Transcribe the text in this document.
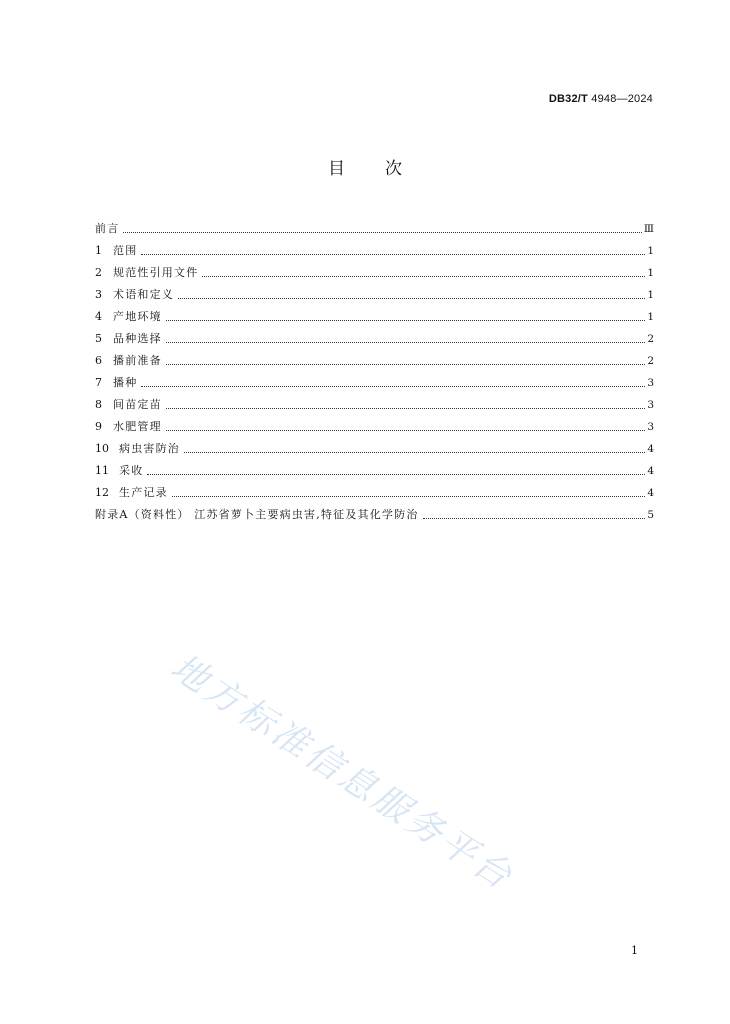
DB32/T 4948—2024
目 次
前言	Ⅲ
1 范围	1
2 规范性引用文件	1
3 术语和定义	1
4 产地环境	1
5 品种选择	2
6 播前准备	2
7 播种	3
8 间苗定苗	3
9 水肥管理	3
10 病虫害防治	4
11 采收	4
12 生产记录	4
附录A（资料性） 江苏省萝卜主要病虫害,特征及其化学防治	5
地方标准信息服务平台
1
